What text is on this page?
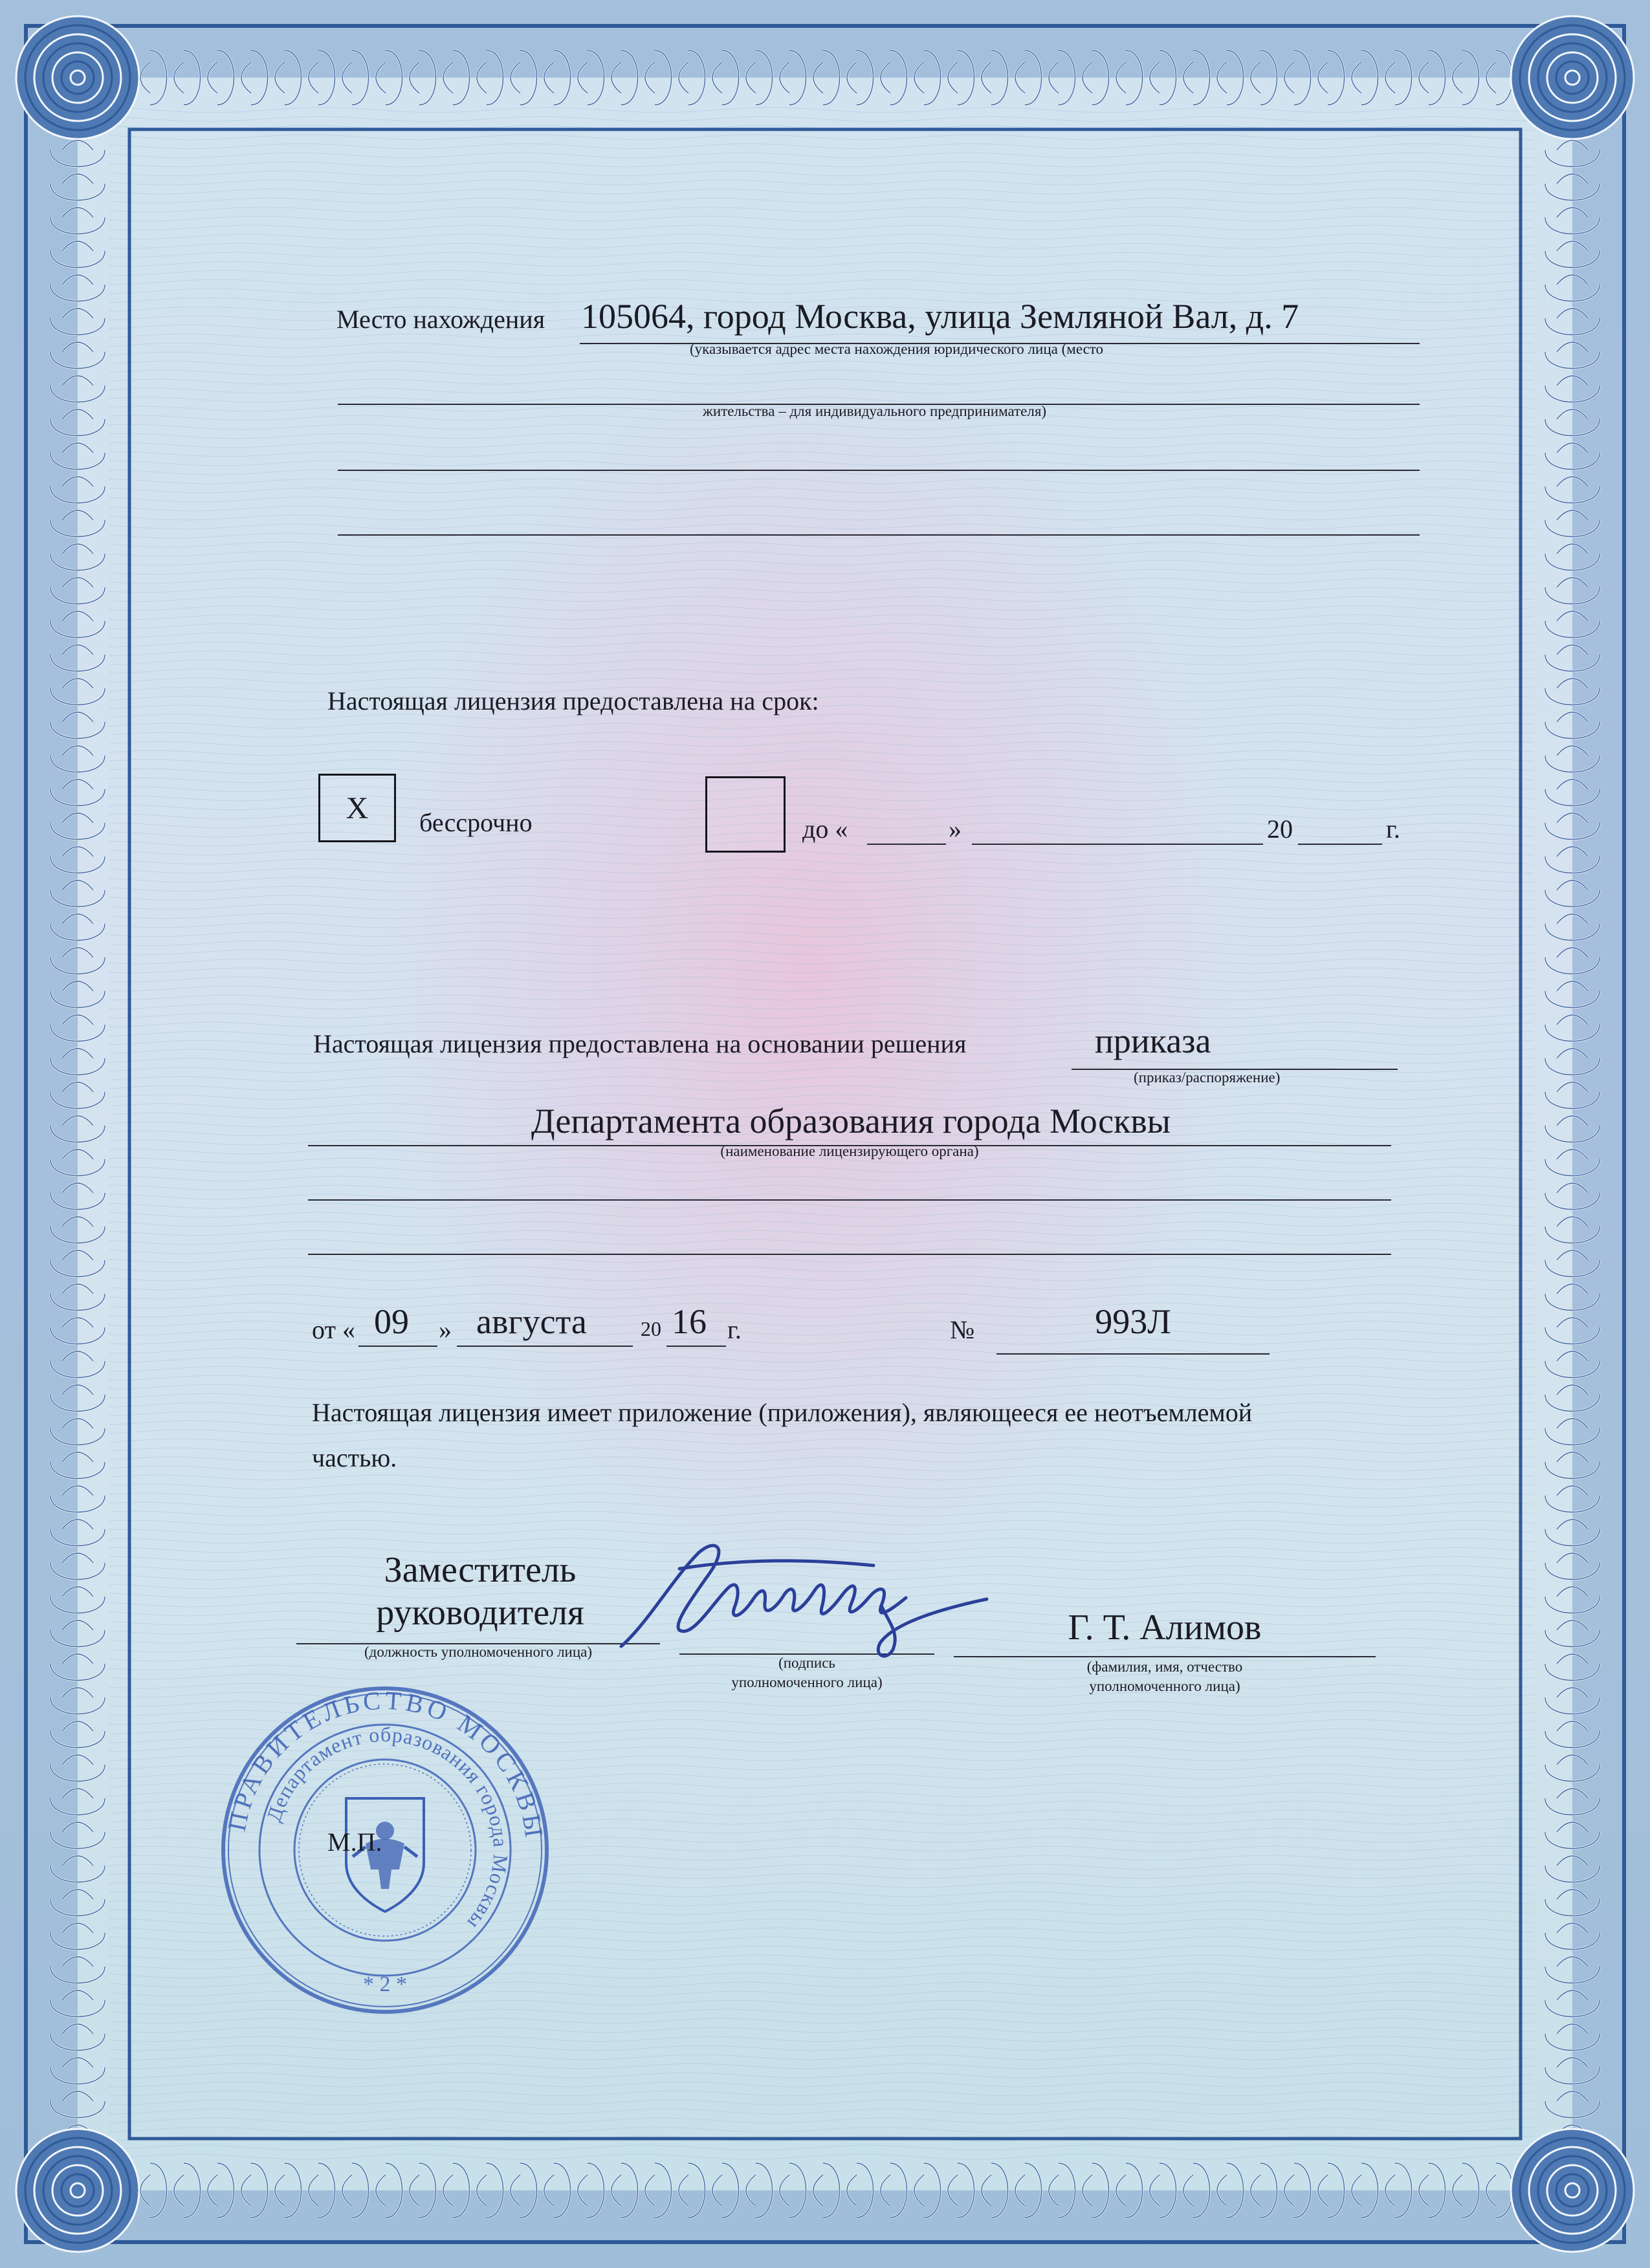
Место нахождения 105064, город Москва, улица Земляной Вал, д. 7
(указывается адрес места нахождения юридического лица (место
жительства – для индивидуального предпринимателя)
Настоящая лицензия предоставлена на срок:
X бессрочно	до «	»	20	г.
Настоящая лицензия предоставлена на основании решения	приказа
(приказ/распоряжение)
Департамента образования города Москвы
(наименование лицензирующего органа)
от « 09 » августа	20 16 г.	№	993Л
Настоящая лицензия имеет приложение (приложения), являющееся ее неотъемлемой
частью.
Заместитель
руководителя
(должность уполномоченного лица)
(подпись
уполномоченного лица)
Г. Т. Алимов
(фамилия, имя, отчество
уполномоченного лица)
ПРАВИТЕЛЬСТВО МОСКВЫ
Департамент образования города Москвы
* 2 *
М.П.
